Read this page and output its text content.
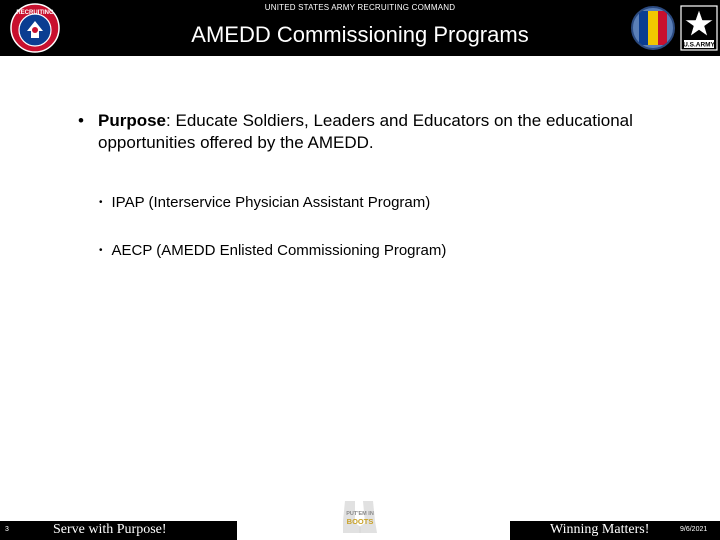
RECRUITING
UNITED STATES ARMY RECRUITING COMMAND
AMEDD Commissioning Programs	U.S.ARMY
• Purpose: Educate Soldiers, Leaders and Educators on the educational opportunities offered by the AMEDD.
• IPAP (Interservice Physician Assistant Program)
• AECP (AMEDD Enlisted Commissioning Program)
PUT'EM IN
BOOTS
3	Serve with Purpose!	Winning Matters!	9/6/2021
